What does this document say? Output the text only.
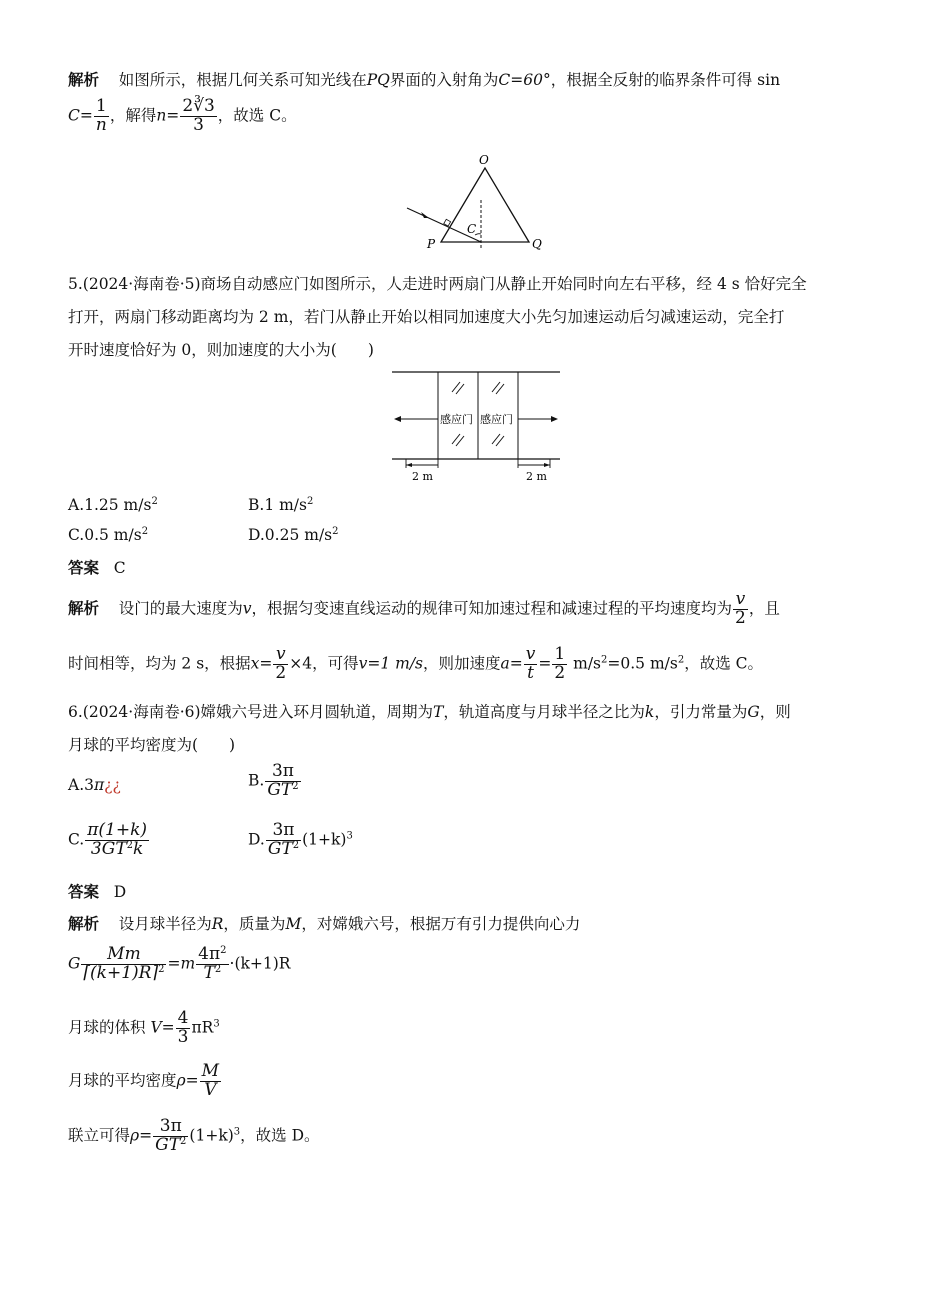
解析 如图所示，根据几何关系可知光线在PQ界面的入射角为C=60°，根据全反射的临界条件可得 sin
$C= \frac{1}{n}$ ，解得$n= \frac{2∛3}{3}$ ，故选 C。
O
P	Q
C
5.(2024·海南卷·5)商场自动感应门如图所示，人走进时两扇门从静止开始同时向左右平移，经 4 s 恰好完全
打开，两扇门移动距离均为 2 m，若门从静止开始以相同加速度大小先匀加速运动后匀减速运动，完全打
开时速度恰好为 0，则加速度的大小为(　　)
感应门 感应门
2 m	2 m
A.1.25 $m/s^2$	B.1 $m/s^2$
C.0.5 $m/s^2$	D.0.25 $m/s^2$
答案 C
解析 设门的最大速度为v，根据匀变速直线运动的规律可知加速过程和减速过程的平均速度均为 $\frac{v}{2}$ ，且
时间相等，均为 2 s，根据$x= \frac{v}{2} \times 4$，可得v=1 m/s，则加速度$a= \frac{v}{t} = \frac{1}{2} m/s^2=0.5$ $m/s^2$，故选 C。
6.(2024·海南卷·6)嫦娥六号进入环月圆轨道，周期为T，轨道高度与月球半径之比为k，引力常量为G，则
月球的平均密度为(　　)
A.3π¿¿	B. $\frac{3\pi}{GT^2}$
C. $\frac{\pi(1+k)}{3GT^2k}$	D. $\frac{3\pi}{GT^2} (1+k)^3$
答案 D
解析 设月球半径为R，质量为M，对嫦娥六号，根据万有引力提供向心力
G $\frac{Mm}{⌈(k+1)R⌉^2} =m \frac{4\pi^2}{T^2} \cdot(k+1)R$
月球的体积 $V= \frac{4}{3} \pi R^3$
月球的平均密度$\rho= \frac{M}{V}$
联立可得$\rho= \frac{3\pi}{GT^2} (1+k)^3$，故选 D。
